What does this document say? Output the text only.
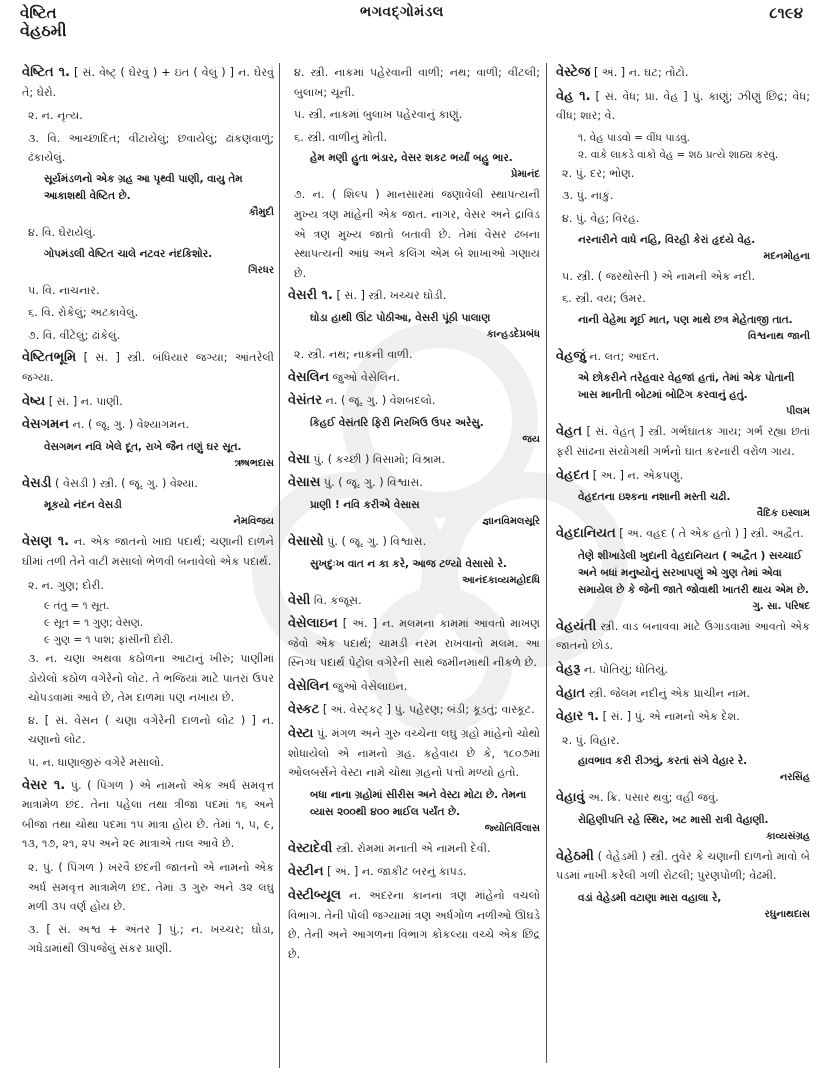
વેષ્ટિત
વેહઠમી
ભગવદ્ગોમંડલ	૮૧૯૪

વેષ્ટિત ૧. [ સં. વેષ્ટ્ ( ઘેરવું ) + ઇત ( વેલું ) ] ન. ઘેરવું તે; ઘેરો.

૨. ન. નૃત્ય.

૩. વિ. આચ્છાદિત; વીંટાયેલું; છવાયેલું; ઢાંકણવાળું; ઢંકાયેલું.

સૂર્યમંડળનો એક ગ્રહ આ પૃથ્વી પાણી, વાયુ તેમ આકાશથી વેષ્ટિત છે.

કૌમુદી

૪. વિ. ઘેરાયેલું.

ગોપમંડલી વેષ્ટિત ચાલે નટવર નંદકિશોર.

ગિરધર

૫. વિ. નાચનાર.

૬. વિ. રોકેલું; અટકાવેલું.

૭. વિ. વીંટેલું; ઢાંકેલું.

વેષ્ટિતભૂમિ [ સં. ] સ્ત્રી. બંધિયાર જગ્યા; આંતરેલી જગ્યા.

વેષ્ય [ સં. ] ન. પાણી.

વેસગમન ન. ( જૂ. ગુ. ) વેશ્યાગમન.

વેસગમન નવિ ખેલે દૂત, રાખે જૈન તણું ઘર સૂત.

ઋષભદાસ

વેસડી ( વેસડી ) સ્ત્રી. ( જૂ. ગુ. ) વેશ્યા.

મૂકયો નંદન વેસડી

નેમવિજય

વેસણ ૧. ન. એક જાતનો ખાદ્ય પદાર્થ; ચણાની દાળને ઘીમાં તળી તેને વાટી મસાલો ભેળવી બનાવેલો એક પદાર્થ.

૨. ન. ગુણ; દોરી.

૯ તંતુ = ૧ સૂત.

૯ સૂત = ૧ ગુણ; વેસણ.

૯ ગુણ = ૧ પાશ; ફાંસીની દોરી.

૩. ન. ચણા અથવા કઠોળના આટાનું ખીરું; પાણીમાં ડોયેલો કઠોળ વગેરેનો લોટ. તે ભજિયાં માટે પાતરાં ઉપર ચોપડવામાં આવે છે, તેમ દાળમાં પણ નખાય છે.

૪. [ સં. વેસન ( ચણા વગેરેની દાળનો લોટ ) ] ન. ચણાનો લોટ.

૫. ન. ધાણાજીરું વગેરે મસાલો.

વેસર ૧. પું. ( પિંગળ ) એ નામનો એક અર્ધ સમવૃત્ત માત્રામેળ છંદ. તેના પહેલા તથા ત્રીજા પદમાં ૧૬ અને બીજા તથા ચોથા પદમાં ૧૫ માત્રા હોય છે. તેમાં ૧, ૫, ૯, ૧૩, ૧૭, ૨૧, ૨૫ અને ૨૯ માત્રાએ તાલ આવે છે.

૨. પું. ( પિંગળ ) ખરવૈ છંદની જાતનો એ નામનો એક અર્ધ સમવૃત્ત માત્રામેળ છંદ. તેમાં ૩ ગુરુ અને ૩૨ લઘુ મળી ૩૫ વર્ણ હોય છે.

૩. [ સં. અશ્વ + અંતર ] પું.; ન. ખચ્ચર; ઘોડા, ગધેડામાંથી ઊપજેલું સંકર પ્રાણી.

૪. સ્ત્રી. નાકમાં પહેરવાની વાળી; નથ; વાળી; વીંટલી; બુલાખ; ચૂની.

૫. સ્ત્રી. નાકમાં બુલાખ પહેરવાનું કાણું.

૬. સ્ત્રી. વાળીનું મોતી.

હેમ મણી હુતા ભંડાર, વેસર શકટ ભર્યાં બહુ ભાર.

પ્રેમાનંદ

૭. ન. ( શિલ્પ ) માનસારમાં જણાવેલી સ્થાપત્યની મુખ્ય ત્રણ માંહેની એક જાત. નાગર, વેસર અને દ્રાવિડ એ ત્રણ મુખ્ય જાતો બતાવી છે. તેમાં વેસર ઢબના સ્થાપત્યની આંધ્ર અને કલિંગ એમ બે શાખાઓ ગણાય છે.

વેસરી ૧. [ સં. ] સ્ત્રી. ખચ્ચર ઘોડી.

ઘોડા હાથી ઊંટ પોઠીઆ, વેસરી પૂંઠી પાલાણ

કાન્હડદેપ્રબંધ

૨. સ્ત્રી. નથ; નાકની વાળી.

વેસલિન જુઓ વેસેલિન.

વેસંતર ન. ( જૂ. ગુ. ) વેશબદલો.

કિહઈ વેસંતરિ ફિરી નિરખિઉ ઉપર અરેસુ.

જય

વેસા પું. ( કચ્છી ) વિસામો; વિશ્રામ.

વેસાસ પું. ( જૂ. ગુ. ) વિશ્વાસ.

પ્રાણી ! નવિ કરીએ વેસાસ

જ્ઞાનવિમલસૂરિ

વેસાસો પું. ( જૂ. ગુ. ) વિશ્વાસ.

સુખદુઃખ વાત ન કા કરે, આજ ટળ્યો વેસાસો રે.

આનંદકાવ્યમહોદધિ

વેસી વિ. કંજૂસ.

વેસેલાઇન [ અં. ] ન. મલમના કામમાં આવતો માખણ જેવો એક પદાર્થ; ચામડી નરમ રાખવાનો મલમ. આ સ્નિગ્ધ પદાર્થ પેટ્રોલ વગેરેની સાથે જમીનમાંથી નીકળે છે.

વેસેલિન જુઓ વેસેલાઇન.

વેસ્કટ [ અં. વેસ્ટ્કટ્ ] પું. પહેરણ; બંડી; કૂડતું; વાસ્કૂટ.

વેસ્ટા પું. મંગળ અને ગુરુ વચ્ચેના લઘુ ગ્રહો માંહેનો ચોથો શોધાયેલો એ નામનો ગ્રહ. કહેવાય છે કે, ૧૮૦૭માં ઓલબર્સને વેસ્ટા નામે ચોથા ગ્રહનો પત્તો મળ્યો હતો.

બધા નાના ગ્રહોમાં સીરીસ અને વેસ્ટા મોટા છે. તેમના વ્યાસ ૨૦૦થી ૪૦૦ માઈલ પર્યંત છે.

જ્યોતિર્વિલાસ

વેસ્ટાદેવી સ્ત્રી. રોમમાં મનાતી એ નામની દેવી.

વેસ્ટીન [ અં. ] ન. જાકીટ બરનું કાપડ.

વેસ્ટીબ્યૂલ ન. અંદરના કાનના ત્રણ માંહેનો વચલો વિભાગ. તેની પોલી જગ્યામાં ત્રણ અર્ધગોળ નળીઓ ઊઘડે છે. તેની અને આગળના વિભાગ કોકલ્યા વચ્ચે એક છિદ્ર છે.

વેસ્ટેજ [ અં. ] ન. ઘટ; તોટો.

વેહ ૧. [ સં. વેધ; પ્રા. વેહ ] પું. કાણું; ઝીણું છિદ્ર; વેધ; વીંધ; શાર; વે.

૧. વેહ પાડવો = વીંધ પાડવું.

૨. વાંકે લાકડે વાંકો વેહ = શઠ પ્રત્યે શાઠ્ય કરવું.

૨. પું. દર; ભોણ.

૩. પું. નાકું.

૪. પું. વેહ; વિરહ.

નરનારીને વાધે નહિ, વિરહી કેરાં હૃદયે વેહ.

મદનમોહના

૫. સ્ત્રી. ( જરથોસ્તી ) એ નામની એક નદી.

૬. સ્ત્રી. વય; ઉંમર.

નાની વેહેમા મૂઈ માત, પણ માથે છત્ર મેહેતાજી તાત.

વિશ્વનાથ જાની

વેહજું ન. લત; આદત.

એ છોકરીને તરેહવાર વેહજાં હતાં, તેમાં એક પોતાની ખાસ માનીતી બોટમાં બોટિંગ કરવાનું હતું.

પીલમ

વેહત [ સં. વેહત્ ] સ્ત્રી. ગર્ભઘાતક ગાય; ગર્ભ રહ્યા છતાં ફરી સાંઢના સંયોગથી ગર્ભનો ઘાત કરનારી વરોળ ગાય.

વેહદત [ અ. ] ન. એકપણું.

વેહદતના ઇશ્કના નશાની મસ્તી ચઢી.

વૈદિક ઇસ્લામ

વેહદાનિયત [ અ. વહદ ( તે એક હતો ) ] સ્ત્રી. અદ્વૈત.

તેણે શીખાડેલી ખુદાની વેહદાનિયત ( અદ્વૈત ) સચ્ચાઈ અને બધાં મનુષ્યોનું સરખાપણું એ ગુણ તેમાં એવા સમાયેલ છે કે જેની જાતે જોવાથી ખાતરી થાય એમ છે.

ગુ. સા. પરિષદ

વેહયંતી સ્ત્રી. વાડ બનાવવા માટે ઉગાડવામાં આવતો એક જાતનો છોડ.

વેહરૂ ન. પોતિયું; ધોતિયું.

વેહાત સ્ત્રી. જેલમ નદીનું એક પ્રાચીન નામ.

વેહાર ૧. [ સં. ] પું. એ નામનો એક દેશ.

૨. પું. વિહાર.

હાવભાવ કરી રીઝવું, કરતાં સંગે વેહાર રે.

નરસિંહ

વેહાવું અ. ક્રિ. પસાર થવું; વહી જવું.

રોહિણીપતિ રહે સ્થિર, ખટ માસી રાત્રી વેહાણી.

કાવ્યસંગ્રહ

વેહેઠમી ( વેહેડમી ) સ્ત્રી. તુવેર કે ચણાની દાળનો માવો બે પડમાં નાખી કરેલી ગળી રોટલી; પુરણપોળી; વેઢમી.

વડાં વેહેડમી વટાણા મારા વહાલા રે,

રઘુનાથદાસ
